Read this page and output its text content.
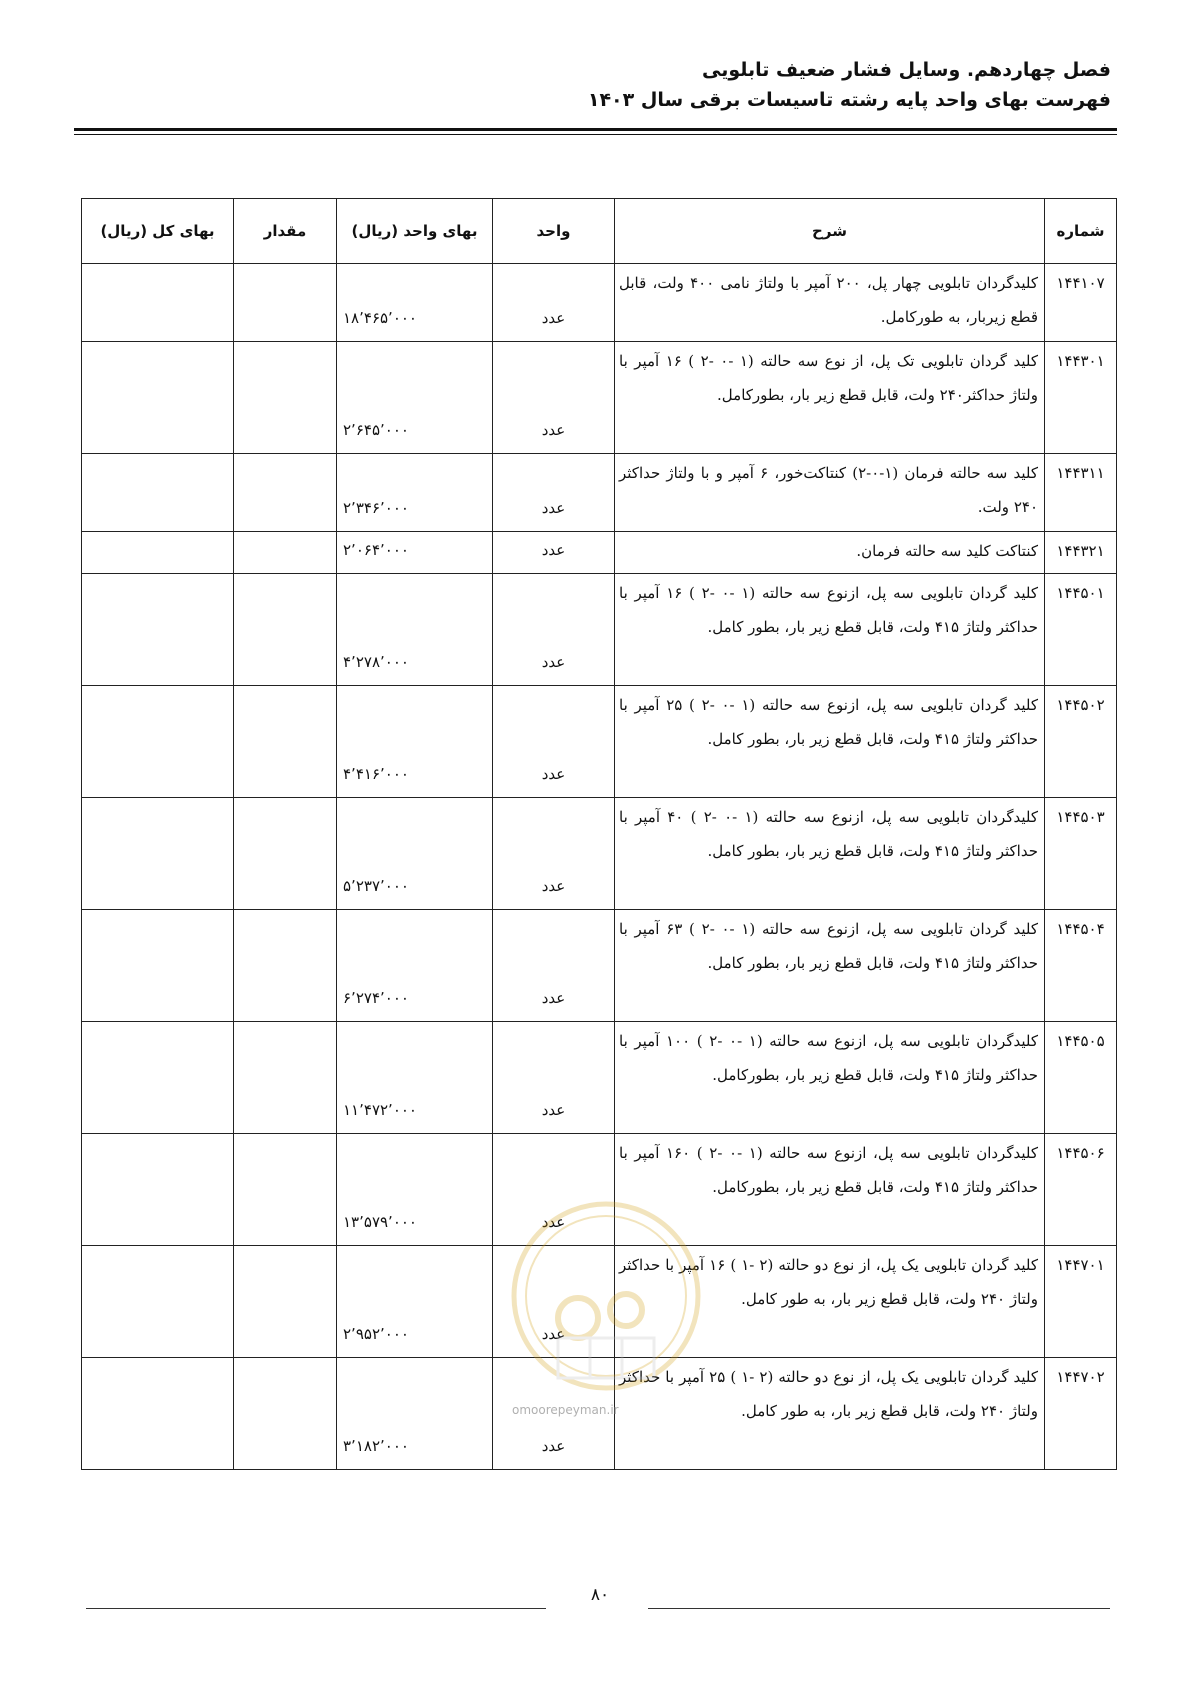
فصل چهاردهم. وسایل فشار ضعیف تابلویی
فهرست بهای واحد پایه رشته تاسیسات برقی سال ۱۴۰۳
شماره	شرح	واحد	بهای واحد (ریال)	مقدار	بهای کل (ریال)
۱۴۴۱۰۷	کلیدگردان تابلویی چهار پل، ۲۰۰ آمپر با ولتاژ نامی ۴۰۰ ولت، قابل قطع زیربار، به طورکامل.	عدد	۱۸٬۴۶۵٬۰۰۰		
۱۴۴۳۰۱	کلید گردان تابلویی تک پل، از نوع سه حالته (۱ -۰ -۲ ) ۱۶ آمپر با ولتاژ حداکثر۲۴۰ ولت، قابل قطع زیر بار، بطورکامل.	عدد	۲٬۶۴۵٬۰۰۰		
۱۴۴۳۱۱	کلید سه حالته فرمان (۱-۰-۲) کنتاکت‌خور، ۶ آمپر و با ولتاژ حداکثر ۲۴۰ ولت.	عدد	۲٬۳۴۶٬۰۰۰		
۱۴۴۳۲۱	کنتاکت کلید سه حالته فرمان.	عدد	۲٬۰۶۴٬۰۰۰		
۱۴۴۵۰۱	کلید گردان تابلویی سه پل، ازنوع سه حالته (۱ -۰ -۲ ) ۱۶ آمپر با حداکثر ولتاژ ۴۱۵ ولت، قابل قطع زیر بار، بطور کامل.	عدد	۴٬۲۷۸٬۰۰۰		
۱۴۴۵۰۲	کلید گردان تابلویی سه پل، ازنوع سه حالته (۱ -۰ -۲ ) ۲۵ آمپر با حداکثر ولتاژ ۴۱۵ ولت، قابل قطع زیر بار، بطور کامل.	عدد	۴٬۴۱۶٬۰۰۰		
۱۴۴۵۰۳	کلیدگردان تابلویی سه پل، ازنوع سه حالته (۱ -۰ -۲ ) ۴۰ آمپر با حداکثر ولتاژ ۴۱۵ ولت، قابل قطع زیر بار، بطور کامل.	عدد	۵٬۲۳۷٬۰۰۰		
۱۴۴۵۰۴	کلید گردان تابلویی سه پل، ازنوع سه حالته (۱ -۰ -۲ ) ۶۳ آمپر با حداکثر ولتاژ ۴۱۵ ولت، قابل قطع زیر بار، بطور کامل.	عدد	۶٬۲۷۴٬۰۰۰		
۱۴۴۵۰۵	کلیدگردان تابلویی سه پل، ازنوع سه حالته (۱ -۰ -۲ ) ۱۰۰ آمپر با حداکثر ولتاژ ۴۱۵ ولت، قابل قطع زیر بار، بطورکامل.	عدد	۱۱٬۴۷۲٬۰۰۰		
۱۴۴۵۰۶	کلیدگردان تابلویی سه پل، ازنوع سه حالته (۱ -۰ -۲ ) ۱۶۰ آمپر با حداکثر ولتاژ ۴۱۵ ولت، قابل قطع زیر بار، بطورکامل.	عدد	۱۳٬۵۷۹٬۰۰۰		
۱۴۴۷۰۱	کلید گردان تابلویی یک پل، از نوع دو حالته (۲ -۱ ) ۱۶ آمپر با حداکثر ولتاژ ۲۴۰ ولت، قابل قطع زیر بار، به طور کامل.	عدد	۲٬۹۵۲٬۰۰۰		
۱۴۴۷۰۲	کلید گردان تابلویی یک پل، از نوع دو حالته (۲ -۱ ) ۲۵ آمپر با حداکثر ولتاژ ۲۴۰ ولت، قابل قطع زیر بار، به طور کامل.	عدد	۳٬۱۸۲٬۰۰۰		
omoorepeyman.ir
۸۰
